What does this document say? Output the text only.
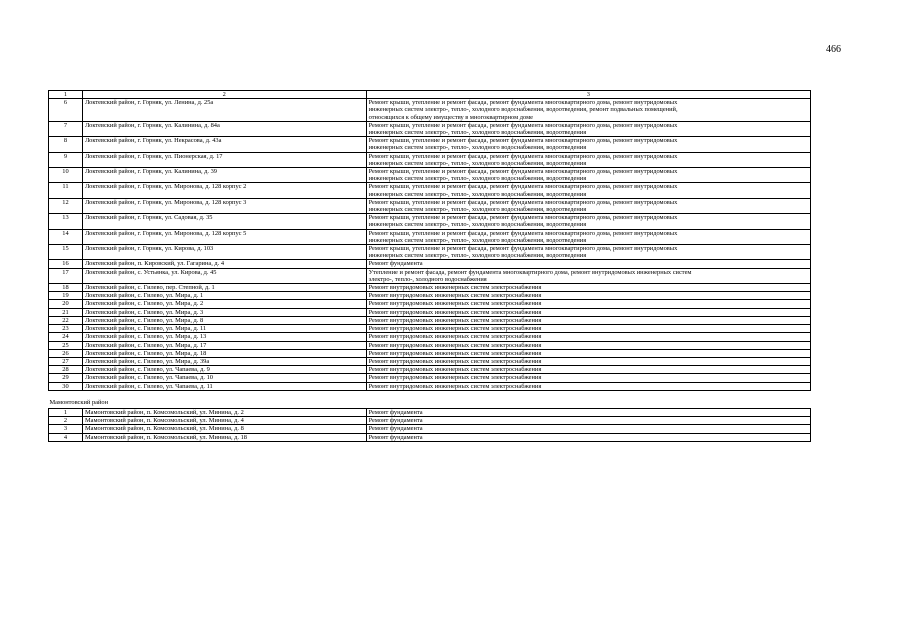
466
1	2	3
6	Локтевский район, г. Горняк, ул. Ленина, д. 25а	Ремонт крыши, утепление и ремонт фасада, ремонт фундамента многоквартирного дома, ремонт внутридомовых
инженерных систем электро-, тепло-, холодного водоснабжения, водоотведения, ремонт подвальных помещений,
относящихся к общему имуществу в многоквартирном доме
7	Локтевский район, г. Горняк, ул. Калинина, д. 84а	Ремонт крыши, утепление и ремонт фасада, ремонт фундамента многоквартирного дома, ремонт внутридомовых
инженерных систем электро-, тепло-, холодного водоснабжения, водоотведения
8	Локтевский район, г. Горняк, ул. Некрасова, д. 43а	Ремонт крыши, утепление и ремонт фасада, ремонт фундамента многоквартирного дома, ремонт внутридомовых
инженерных систем электро-, тепло-, холодного водоснабжения, водоотведения
9	Локтевский район, г. Горняк, ул. Пионерская, д. 17	Ремонт крыши, утепление и ремонт фасада, ремонт фундамента многоквартирного дома, ремонт внутридомовых
инженерных систем электро-, тепло-, холодного водоснабжения, водоотведения
10	Локтевский район, г. Горняк, ул. Калинина, д. 39	Ремонт крыши, утепление и ремонт фасада, ремонт фундамента многоквартирного дома, ремонт внутридомовых
инженерных систем электро-, тепло-, холодного водоснабжения, водоотведения
11	Локтевский район, г. Горняк, ул. Миронова, д. 128 корпус 2	Ремонт крыши, утепление и ремонт фасада, ремонт фундамента многоквартирного дома, ремонт внутридомовых
инженерных систем электро-, тепло-, холодного водоснабжения, водоотведения
12	Локтевский район, г. Горняк, ул. Миронова, д. 128 корпус 3	Ремонт крыши, утепление и ремонт фасада, ремонт фундамента многоквартирного дома, ремонт внутридомовых
инженерных систем электро-, тепло-, холодного водоснабжения, водоотведения
13	Локтевский район, г. Горняк, ул. Садовая, д. 35	Ремонт крыши, утепление и ремонт фасада, ремонт фундамента многоквартирного дома, ремонт внутридомовых
инженерных систем электро-, тепло-, холодного водоснабжения, водоотведения
14	Локтевский район, г. Горняк, ул. Миронова, д. 128 корпус 5	Ремонт крыши, утепление и ремонт фасада, ремонт фундамента многоквартирного дома, ремонт внутридомовых
инженерных систем электро-, тепло-, холодного водоснабжения, водоотведения
15	Локтевский район, г. Горняк, ул. Кирова, д. 103	Ремонт крыши, утепление и ремонт фасада, ремонт фундамента многоквартирного дома, ремонт внутридомовых
инженерных систем электро-, тепло-, холодного водоснабжения, водоотведения
16	Локтевский район, п. Кировский, ул. Гагарина, д. 4	Ремонт фундамента
17	Локтевский район, с. Устьянка, ул. Кирова, д. 45	Утепление и ремонт фасада, ремонт фундамента многоквартирного дома, ремонт внутридомовых инженерных систем
электро-, тепло-, холодного водоснабжения
18	Локтевский район, с. Гилево, пер. Степной, д. 1	Ремонт внутридомовых инженерных систем электроснабжения
19	Локтевский район, с. Гилево, ул. Мира, д. 1	Ремонт внутридомовых инженерных систем электроснабжения
20	Локтевский район, с. Гилево, ул. Мира, д. 2	Ремонт внутридомовых инженерных систем электроснабжения
21	Локтевский район, с. Гилево, ул. Мира, д. 3	Ремонт внутридомовых инженерных систем электроснабжения
22	Локтевский район, с. Гилево, ул. Мира, д. 8	Ремонт внутридомовых инженерных систем электроснабжения
23	Локтевский район, с. Гилево, ул. Мира, д. 11	Ремонт внутридомовых инженерных систем электроснабжения
24	Локтевский район, с. Гилево, ул. Мира, д. 13	Ремонт внутридомовых инженерных систем электроснабжения
25	Локтевский район, с. Гилево, ул. Мира, д. 17	Ремонт внутридомовых инженерных систем электроснабжения
26	Локтевский район, с. Гилево, ул. Мира, д. 18	Ремонт внутридомовых инженерных систем электроснабжения
27	Локтевский район, с. Гилево, ул. Мира, д. 39а	Ремонт внутридомовых инженерных систем электроснабжения
28	Локтевский район, с. Гилево, ул. Чапаева, д. 9	Ремонт внутридомовых инженерных систем электроснабжения
29	Локтевский район, с. Гилево, ул. Чапаева, д. 10	Ремонт внутридомовых инженерных систем электроснабжения
30	Локтевский район, с. Гилево, ул. Чапаева, д. 11	Ремонт внутридомовых инженерных систем электроснабжения
Мамонтовский район		
1	Мамонтовский район, п. Комсомольский, ул. Минина, д. 2	Ремонт фундамента
2	Мамонтовский район, п. Комсомольский, ул. Минина, д. 4	Ремонт фундамента
3	Мамонтовский район, п. Комсомольский, ул. Минина, д. 8	Ремонт фундамента
4	Мамонтовский район, п. Комсомольский, ул. Минина, д. 18	Ремонт фундамента
